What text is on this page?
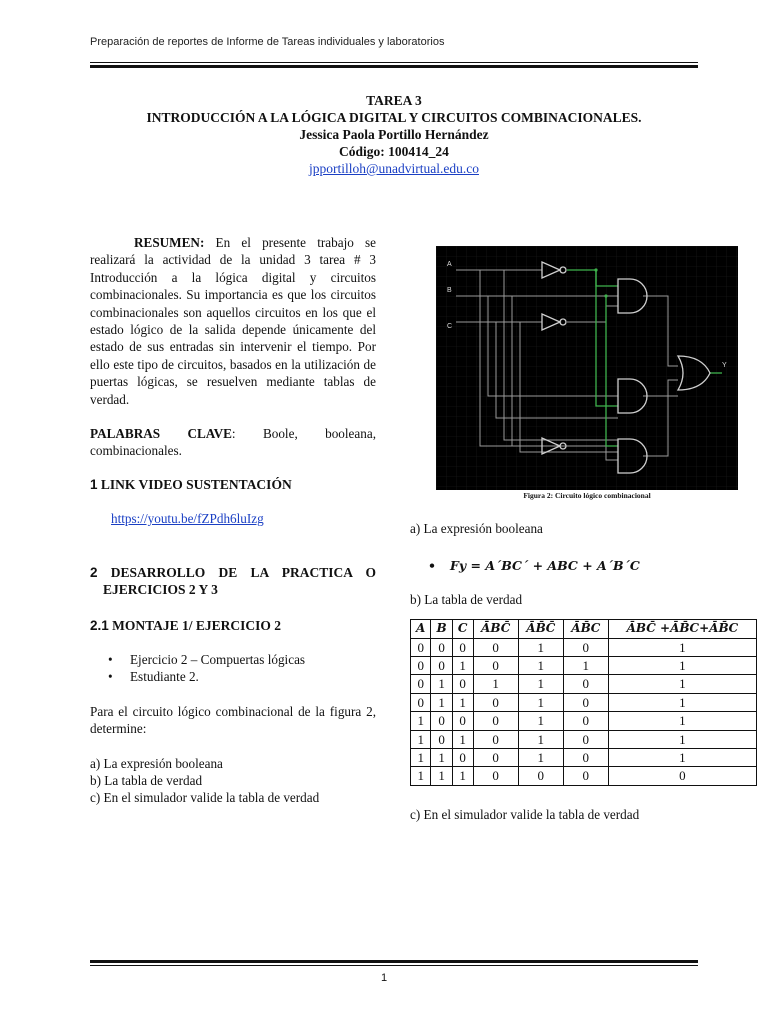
Preparación de reportes de Informe de Tareas individuales y laboratorios
TAREA 3
INTRODUCCIÓN A LA LÓGICA DIGITAL Y CIRCUITOS COMBINACIONALES.
Jessica Paola Portillo Hernández
Código: 100414_24
jpportilloh@unadvirtual.edu.co

RESUMEN: En el presente trabajo se realizará la actividad de la unidad 3 tarea # 3 Introducción a la lógica digital y circuitos combinacionales. Su importancia es que los circuitos combinacionales son aquellos circuitos en los que el estado lógico de la salida depende únicamente del estado de sus entradas sin intervenir el tiempo. Por ello este tipo de circuitos, basados en la utilización de puertas lógicas, se resuelven mediante tablas de verdad.

PALABRAS CLAVE: Boole, booleana, combinacionales.

1 LINK VIDEO SUSTENTACIÓN
https://youtu.be/fZPdh6luIzg
2 DESARROLLO DE LA PRACTICA O
EJERCICIOS 2 Y 3
2.1 MONTAJE 1/ EJERCICIO 2
• Ejercicio 2 – Compuertas lógicas
• Estudiante 2.

Para el circuito lógico combinacional de la figura 2, determine:

a) La expresión booleana
b) La tabla de verdad
c) En el simulador valide la tabla de verdad
A
B
C
Y
Figura 2: Circuito lógico combinacional
a) La expresión booleana
• Fy = A´BC´ + ABC + A´B´C
b) La tabla de verdad
A	B	C	ĀBC̄	ĀB̄C̄	ĀB̄C	ĀBC̄ +ĀB̄C+ĀB̄C
0	0	0	0	1	0	1
0	0	1	0	1	1	1
0	1	0	1	1	0	1
0	1	1	0	1	0	1
1	0	0	0	1	0	1
1	0	1	0	1	0	1
1	1	0	0	1	0	1
1	1	1	0	0	0	0
c) En el simulador valide la tabla de verdad
1
